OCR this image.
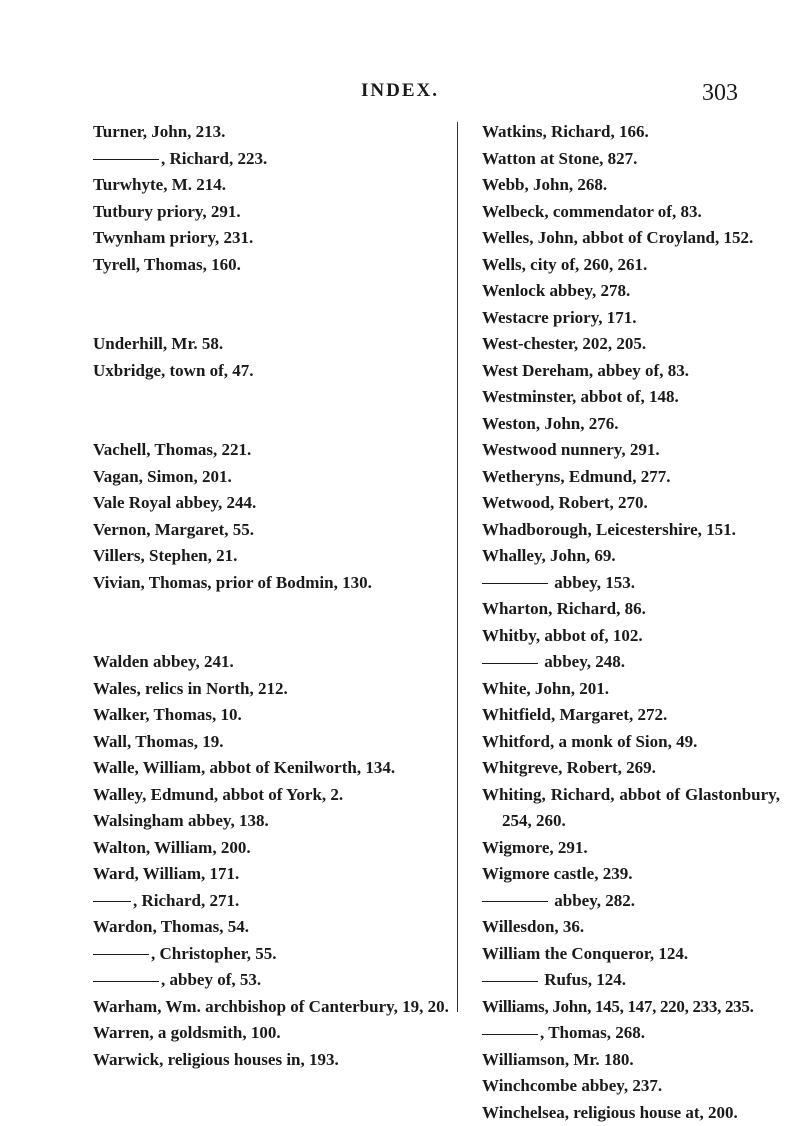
INDEX.	303
Turner, John, 213.
, Richard, 223.
Turwhyte, M. 214.
Tutbury priory, 291.
Twynham priory, 231.
Tyrell, Thomas, 160.
Underhill, Mr. 58.
Uxbridge, town of, 47.
Vachell, Thomas, 221.
Vagan, Simon, 201.
Vale Royal abbey, 244.
Vernon, Margaret, 55.
Villers, Stephen, 21.
Vivian, Thomas, prior of Bodmin, 130.
Walden abbey, 241.
Wales, relics in North, 212.
Walker, Thomas, 10.
Wall, Thomas, 19.
Walle, William, abbot of Kenilworth, 134.
Walley, Edmund, abbot of York, 2.
Walsingham abbey, 138.
Walton, William, 200.
Ward, William, 171.
, Richard, 271.
Wardon, Thomas, 54.
, Christopher, 55.
, abbey of, 53.
Warham, Wm. archbishop of Canterbury, 19, 20.
Warren, a goldsmith, 100.
Warwick, religious houses in, 193.
Watkins, Richard, 166.
Watton at Stone, 827.
Webb, John, 268.
Welbeck, commendator of, 83.
Welles, John, abbot of Croyland, 152.
Wells, city of, 260, 261.
Wenlock abbey, 278.
Westacre priory, 171.
West-chester, 202, 205.
West Dereham, abbey of, 83.
Westminster, abbot of, 148.
Weston, John, 276.
Westwood nunnery, 291.
Wetheryns, Edmund, 277.
Wetwood, Robert, 270.
Whadborough, Leicestershire, 151.
Whalley, John, 69.
abbey, 153.
Wharton, Richard, 86.
Whitby, abbot of, 102.
abbey, 248.
White, John, 201.
Whitfield, Margaret, 272.
Whitford, a monk of Sion, 49.
Whitgreve, Robert, 269.
Whiting, Richard, abbot of Glastonbury, 254, 260.
Wigmore, 291.
Wigmore castle, 239.
abbey, 282.
Willesdon, 36.
William the Conqueror, 124.
Rufus, 124.
Williams, John, 145, 147, 220, 233, 235.
, Thomas, 268.
Williamson, Mr. 180.
Winchcombe abbey, 237.
Winchelsea, religious house at, 200.
